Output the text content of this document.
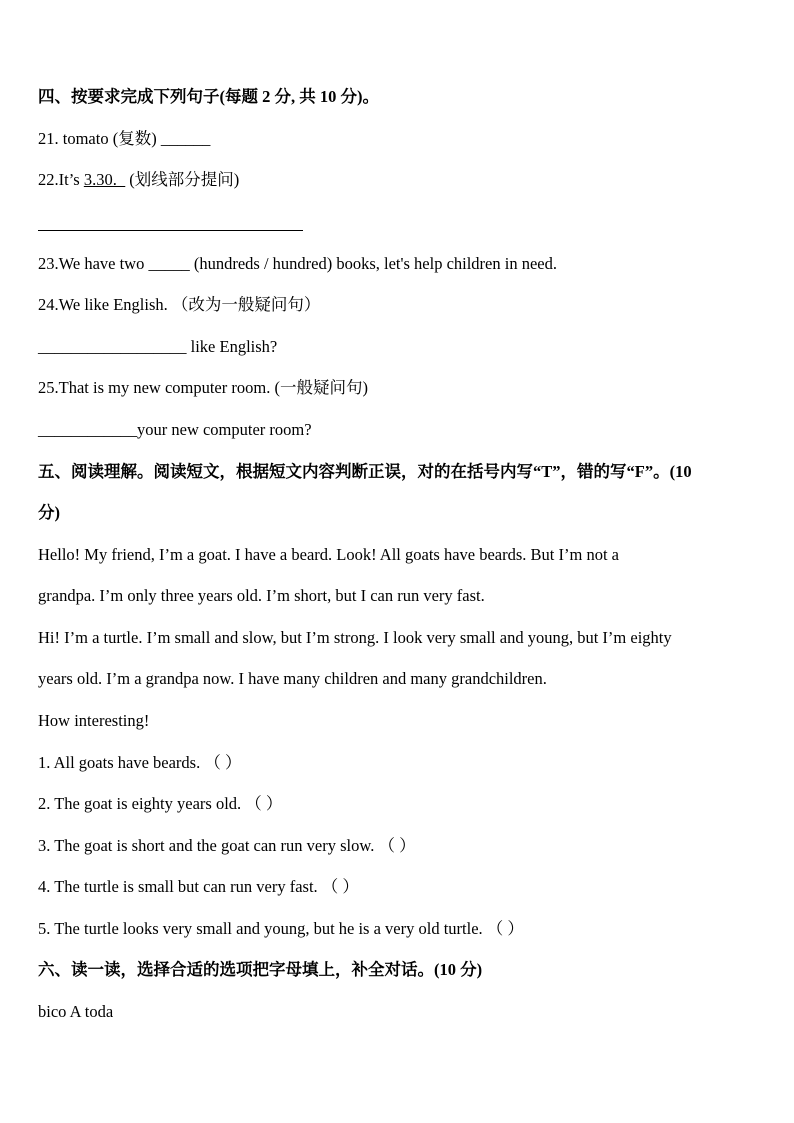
四、按要求完成下列句子(每题 2 分, 共 10 分)。
21. tomato (复数) ______
22.It’s 3.30._ (划线部分提问)
23.We have two _____ (hundreds / hundred) books, let's help children in need.
24.We like English. （改为一般疑问句）
__________________ like English?
25.That is my new computer room. (一般疑问句)
____________your new computer room?
五、阅读理解。阅读短文，根据短文内容判断正误，对的在括号内写“T”，错的写“F”。(10
分)
Hello! My friend, I’m a goat. I have a beard. Look! All goats have beards. But I’m not a
grandpa. I’m only three years old. I’m short, but I can run very fast.
Hi! I’m a turtle. I’m small and slow, but I’m strong. I look very small and young, but I’m eighty
years old. I’m a grandpa now. I have many children and many grandchildren.
How interesting!
1. All goats have beards. （ ）
2. The goat is eighty years old. （ ）
3. The goat is short and the goat can run very slow. （ ）
4. The turtle is small but can run very fast. （ ）
5. The turtle looks very small and young, but he is a very old turtle. （ ）
六、读一读，选择合适的选项把字母填上，补全对话。(10 分)
bico A toda
